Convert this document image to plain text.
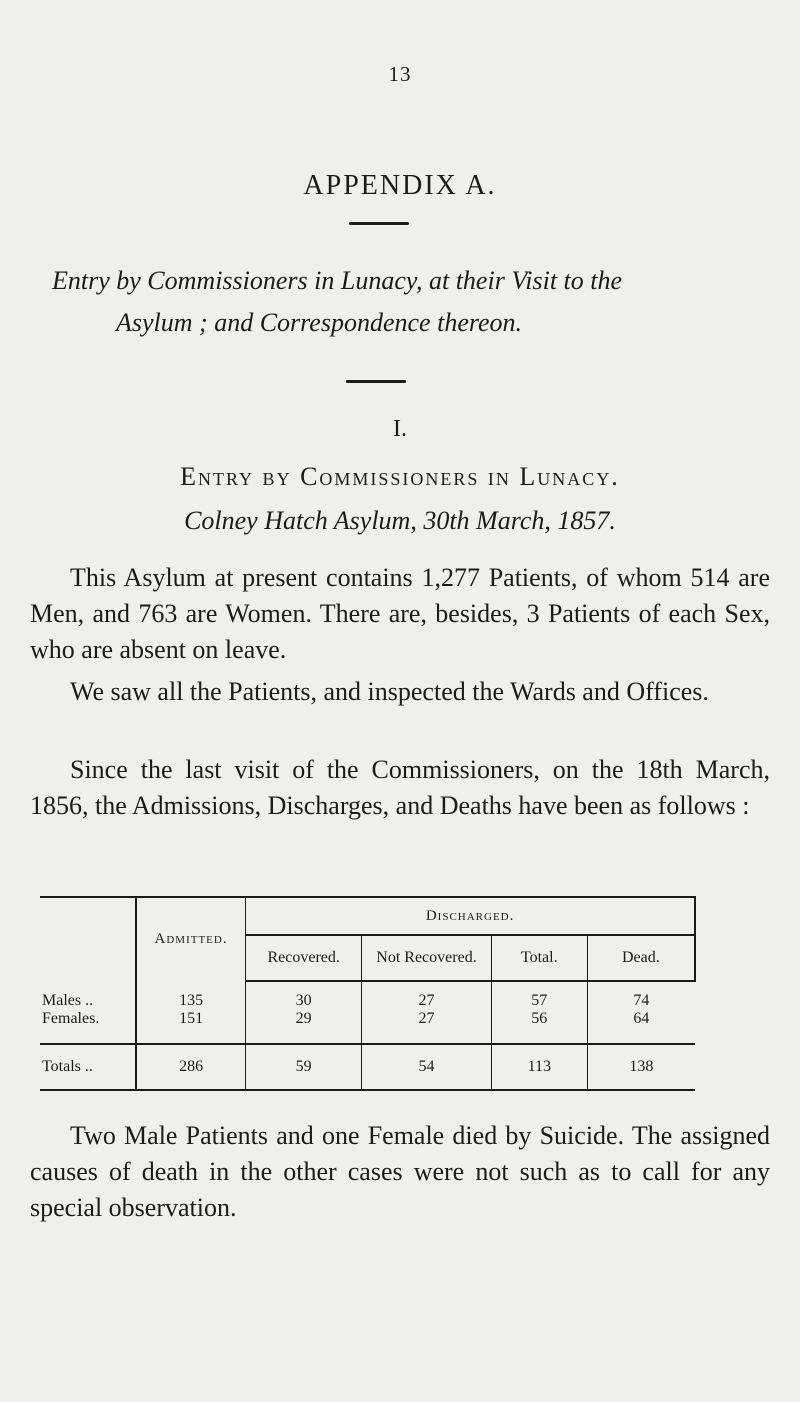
13
APPENDIX A.
Entry by Commissioners in Lunacy, at their Visit to the
Asylum ; and Correspondence thereon.
I.
Entry by Commissioners in Lunacy.
Colney Hatch Asylum, 30th March, 1857.

This Asylum at present contains 1,277 Patients, of whom 514 are Men, and 763 are Women. There are, besides, 3 Patients of each Sex, who are absent on leave.

We saw all the Patients, and inspected the Wards and Offices.

Since the last visit of the Commissioners, on the 18th March, 1856, the Admissions, Discharges, and Deaths have been as follows :

	Admitted.	Discharged.			
		Recovered.	Not Recovered.	Total.	Dead.
Males ..	135	30	27	57	74
Females.	151	29	27	56	64
Totals ..	286	59	54	113	138

Two Male Patients and one Female died by Suicide. The assigned causes of death in the other cases were not such as to call for any special observation.
